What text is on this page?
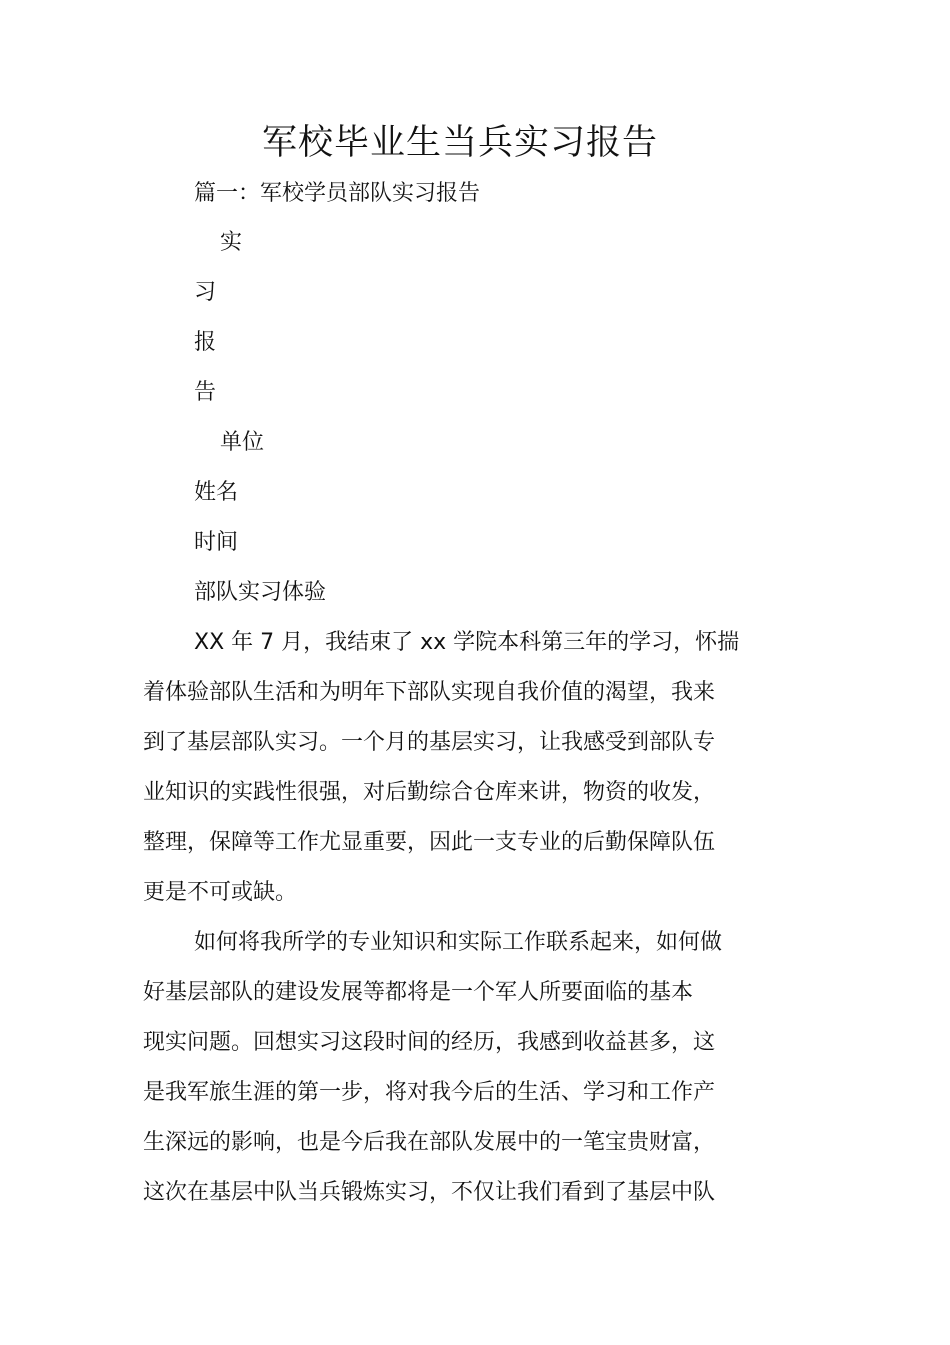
军校毕业生当兵实习报告
篇一：军校学员部队实习报告
实
习
报
告
单位
姓名
时间
部队实习体验
XX 年 7 月，我结束了 xx 学院本科第三年的学习，怀揣
着体验部队生活和为明年下部队实现自我价值的渴望，我来
到了基层部队实习。一个月的基层实习，让我感受到部队专
业知识的实践性很强，对后勤综合仓库来讲，物资的收发，
整理，保障等工作尤显重要，因此一支专业的后勤保障队伍
更是不可或缺。
如何将我所学的专业知识和实际工作联系起来，如何做
好基层部队的建设发展等都将是一个军人所要面临的基本
现实问题。回想实习这段时间的经历，我感到收益甚多，这
是我军旅生涯的第一步，将对我今后的生活、学习和工作产
生深远的影响，也是今后我在部队发展中的一笔宝贵财富，
这次在基层中队当兵锻炼实习，不仅让我们看到了基层中队
